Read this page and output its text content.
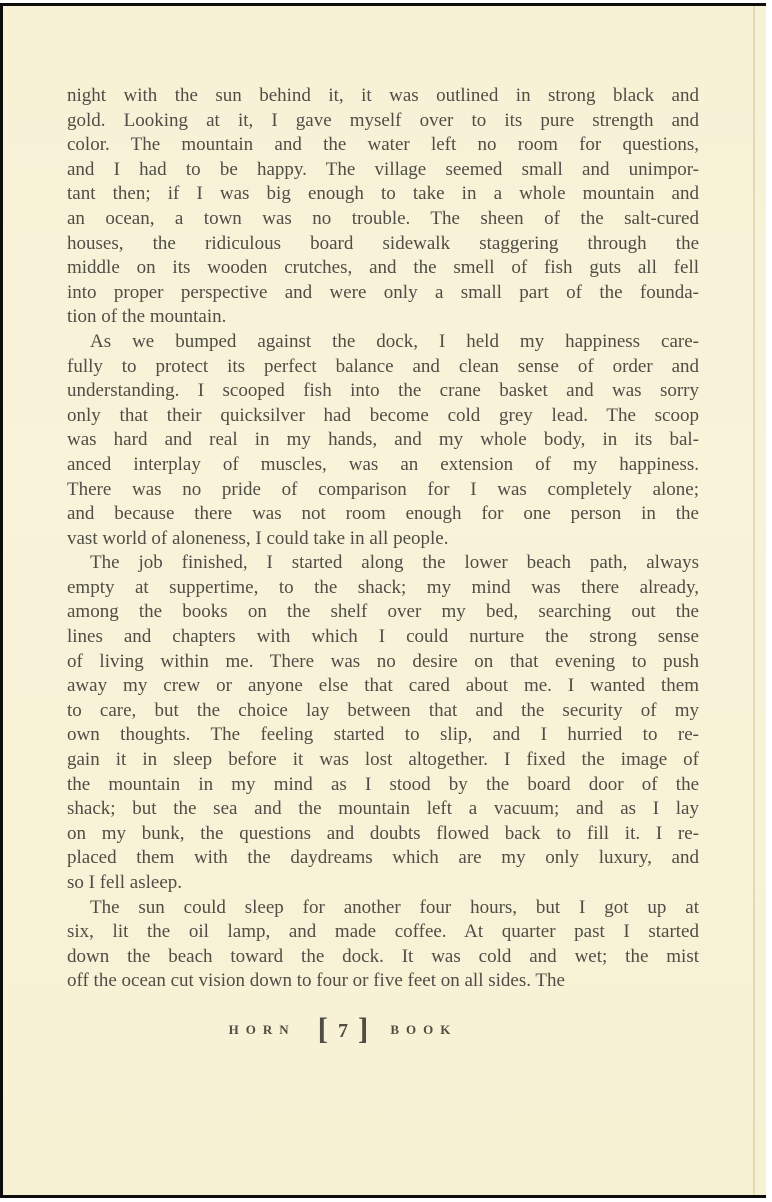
night with the sun behind it, it was outlined in strong black and
gold. Looking at it, I gave myself over to its pure strength and
color. The mountain and the water left no room for questions,
and I had to be happy. The village seemed small and unimpor-
tant then; if I was big enough to take in a whole mountain and
an ocean, a town was no trouble. The sheen of the salt-cured
houses, the ridiculous board sidewalk staggering through the
middle on its wooden crutches, and the smell of fish guts all fell
into proper perspective and were only a small part of the founda-
tion of the mountain.
As we bumped against the dock, I held my happiness care-
fully to protect its perfect balance and clean sense of order and
understanding. I scooped fish into the crane basket and was sorry
only that their quicksilver had become cold grey lead. The scoop
was hard and real in my hands, and my whole body, in its bal-
anced interplay of muscles, was an extension of my happiness.
There was no pride of comparison for I was completely alone;
and because there was not room enough for one person in the
vast world of aloneness, I could take in all people.
The job finished, I started along the lower beach path, always
empty at suppertime, to the shack; my mind was there already,
among the books on the shelf over my bed, searching out the
lines and chapters with which I could nurture the strong sense
of living within me. There was no desire on that evening to push
away my crew or anyone else that cared about me. I wanted them
to care, but the choice lay between that and the security of my
own thoughts. The feeling started to slip, and I hurried to re-
gain it in sleep before it was lost altogether. I fixed the image of
the mountain in my mind as I stood by the board door of the
shack; but the sea and the mountain left a vacuum; and as I lay
on my bunk, the questions and doubts flowed back to fill it. I re-
placed them with the daydreams which are my only luxury, and
so I fell asleep.
The sun could sleep for another four hours, but I got up at
six, lit the oil lamp, and made coffee. At quarter past I started
down the beach toward the dock. It was cold and wet; the mist
off the ocean cut vision down to four or five feet on all sides. The
HORN [ 7 ] BOOK
